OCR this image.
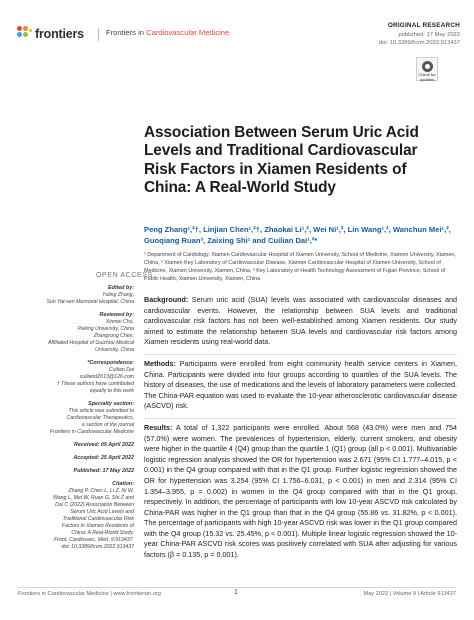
frontiers	Frontiers in Cardiovascular Medicine
ORIGINAL RESEARCH
published: 17 May 2022
doi: 10.3389/fcvm.2022.913437
Check for updates
Association Between Serum Uric Acid Levels and Traditional Cardiovascular Risk Factors in Xiamen Residents of China: A Real-World Study
Peng Zhang¹,²†, Linjian Chen¹,²†, Zhaokai Li¹,², Wei Ni¹,², Lin Wang¹,², Wanchun Mei¹,², Guoqiang Ruan³, Zaixing Shi¹ and Cuilian Dai¹,²*
¹ Department of Cardiology, Xiamen Cardiovascular Hospital of Xiamen University, School of Medicine, Xiamen University, Xiamen, China, ² Xiamen Key Laboratory of Cardiovascular Disease, Xiamen Cardiovascular Hospital of Xiamen University, School of Medicine, Xiamen University, Xiamen, China, ³ Key Laboratory of Health Technology Assessment of Fujian Province, School of Public Health, Xiamen University, Xiamen, China
OPEN ACCESS
Edited by:
Yuling Zhang,
Sun Yat-sen Memorial Hospital, China
Reviewed by:
Xinmei Chu,
Peking University, China
Zhangrong Chen,
Affiliated Hospital of Guizhou Medical
University, China
*Correspondence:
Cuilian Dai
cuiliand2013@126.com
† These authors have contributed
equally to this work
Specialty section:
This article was submitted to
Cardiovascular Therapeutics,
a section of the journal
Frontiers in Cardiovascular Medicine
Received: 05 April 2022
Accepted: 25 April 2022
Published: 17 May 2022
Citation:
Zhang P, Chen L, Li Z, Ni W,
Wang L, Mei W, Ruan G, Shi Z and
Dai C (2022) Association Between
Serum Uric Acid Levels and
Traditional Cardiovascular Risk
Factors in Xiamen Residents of
China: A Real-World Study.
Front. Cardiovasc. Med. 9:913437.
doi: 10.3389/fcvm.2022.913437
Background: Serum uric acid (SUA) levels was associated with cardiovascular diseases and cardiovascular events. However, the relationship between SUA levels and traditional cardiovascular risk factors has not been well-established among Xiamen residents. Our study aimed to estimate the relationship between SUA levels and cardiovascular risk factors among Xiamen residents using real-world data.
Methods: Participants were enrolled from eight community health service centers in Xiamen, China. Participants were divided into four groups according to quartiles of the SUA levels. The history of diseases, the use of medications and the levels of laboratory parameters were collected. The China-PAR equation was used to evaluate the 10-year atherosclerotic cardiovascular disease (ASCVD) risk.
Results: A total of 1,322 participants were enrolled. About 568 (43.0%) were men and 754 (57.0%) were women. The prevalences of hypertension, elderly, current smokers, and obesity were higher in the quartile 4 (Q4) group than the quartile 1 (Q1) group (all p < 0.001). Multivariable logistic regression analysis showed the OR for hypertension was 2.671 (95% CI 1.777–4.015, p < 0.001) in the Q4 group compared with that in the Q1 group. Further logistic regression showed the OR for hypertension was 3.254 (95% CI 1.756–6.031, p < 0.001) in men and 2.314 (95% CI 1.354–3.955, p = 0.002) in women in the Q4 group compared with that in the Q1 group, respectively. In addition, the percentage of participants with low 10-year ASCVD risk calculated by China-PAR was higher in the Q1 group than that in the Q4 group (55.86 vs. 31.82%, p < 0.001). The percentage of participants with high 10-year ASCVD risk was lower in the Q1 group compared with the Q4 group (15.32 vs. 25.45%, p < 0.001). Multiple linear logistic regression showed the 10-year China-PAR ASCVD risk scores was positively correlated with SUA after adjusting for various factors (β = 0.135, p = 0.001).
Frontiers in Cardiovascular Medicine | www.frontiersin.org	1	May 2022 | Volume 9 | Article 913437
